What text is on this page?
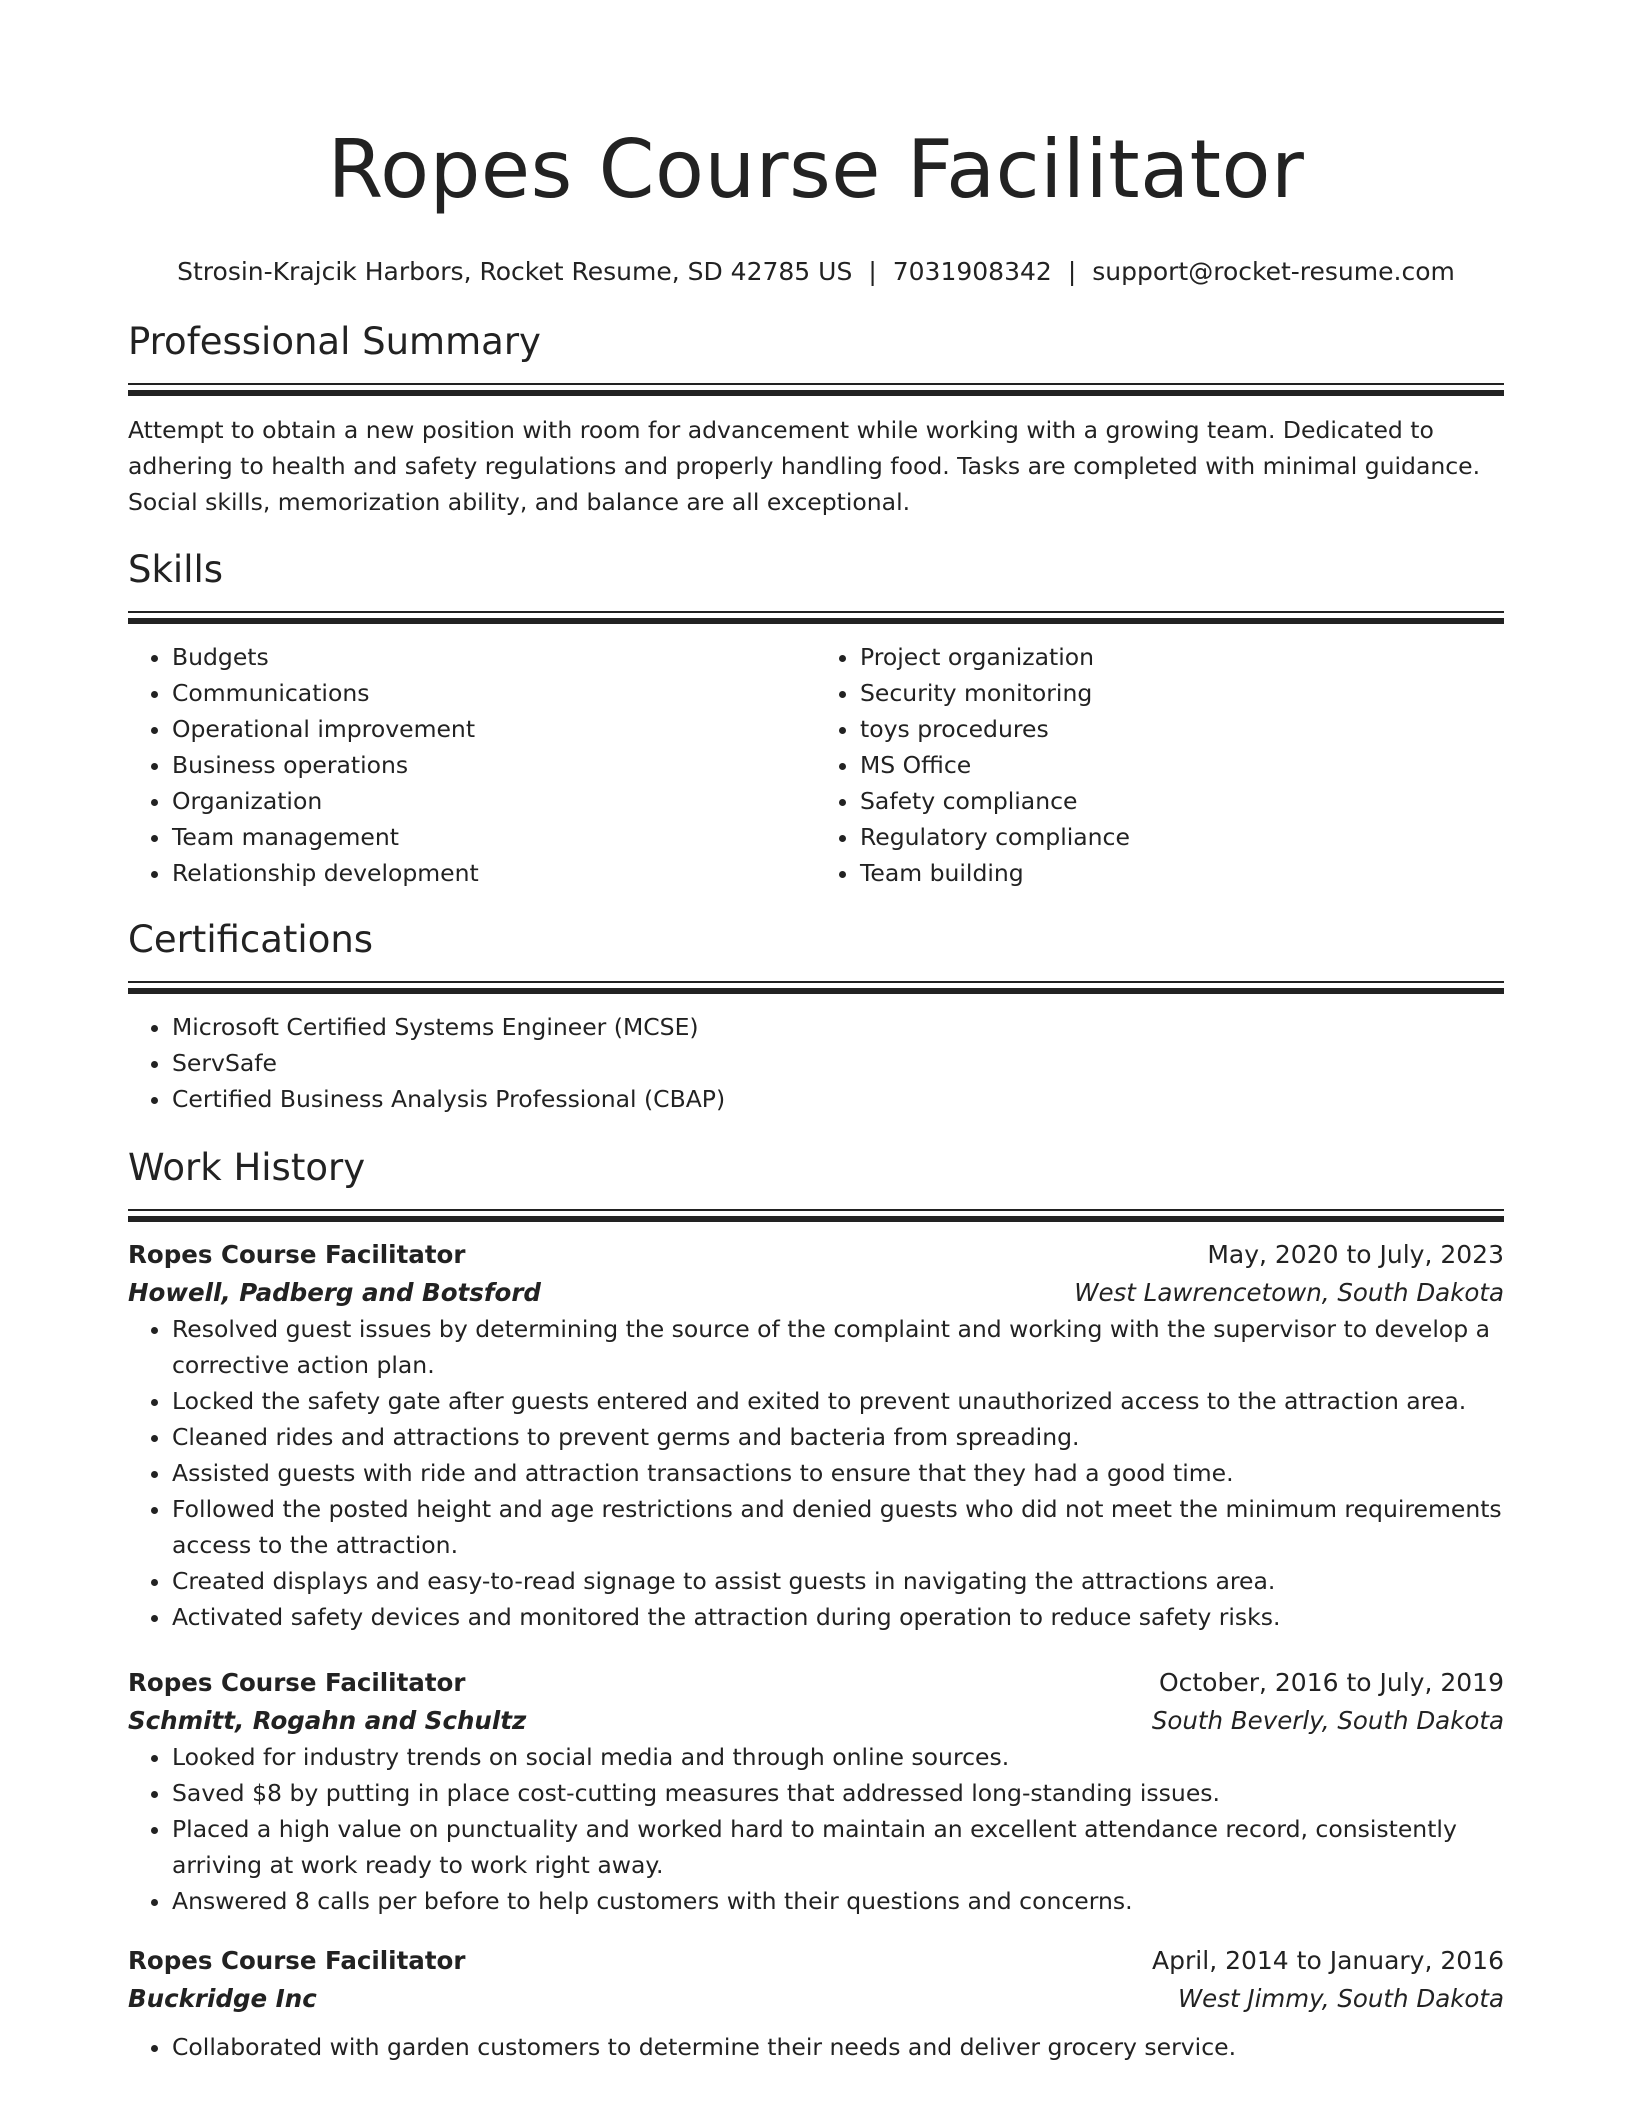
Ropes Course Facilitator
Strosin-Krajcik Harbors, Rocket Resume, SD 42785 US | 7031908342 | support@rocket-resume.com
Professional Summary

Attempt to obtain a new position with room for advancement while working with a growing team. Dedicated to adhering to health and safety regulations and properly handling food. Tasks are completed with minimal guidance. Social skills, memorization ability, and balance are all exceptional.

Skills
• Budgets
• Communications
• Operational improvement
• Business operations
• Organization
• Team management
• Relationship development
• Project organization
• Security monitoring
• toys procedures
• MS Office
• Safety compliance
• Regulatory compliance
• Team building
Certifications
• Microsoft Certified Systems Engineer (MCSE)
• ServSafe
• Certified Business Analysis Professional (CBAP)
Work History
Ropes Course Facilitator	May, 2020 to July, 2023
Howell, Padberg and Botsford	West Lawrencetown, South Dakota
• Resolved guest issues by determining the source of the complaint and working with the supervisor to develop a corrective action plan.
• Locked the safety gate after guests entered and exited to prevent unauthorized access to the attraction area.
• Cleaned rides and attractions to prevent germs and bacteria from spreading.
• Assisted guests with ride and attraction transactions to ensure that they had a good time.
• Followed the posted height and age restrictions and denied guests who did not meet the minimum requirements access to the attraction.
• Created displays and easy-to-read signage to assist guests in navigating the attractions area.
• Activated safety devices and monitored the attraction during operation to reduce safety risks.
Ropes Course Facilitator	October, 2016 to July, 2019
Schmitt, Rogahn and Schultz	South Beverly, South Dakota
• Looked for industry trends on social media and through online sources.
• Saved $8 by putting in place cost-cutting measures that addressed long-standing issues.
• Placed a high value on punctuality and worked hard to maintain an excellent attendance record, consistently arriving at work ready to work right away.
• Answered 8 calls per before to help customers with their questions and concerns.
Ropes Course Facilitator	April, 2014 to January, 2016
Buckridge Inc	West Jimmy, South Dakota
• Collaborated with garden customers to determine their needs and deliver grocery service.
